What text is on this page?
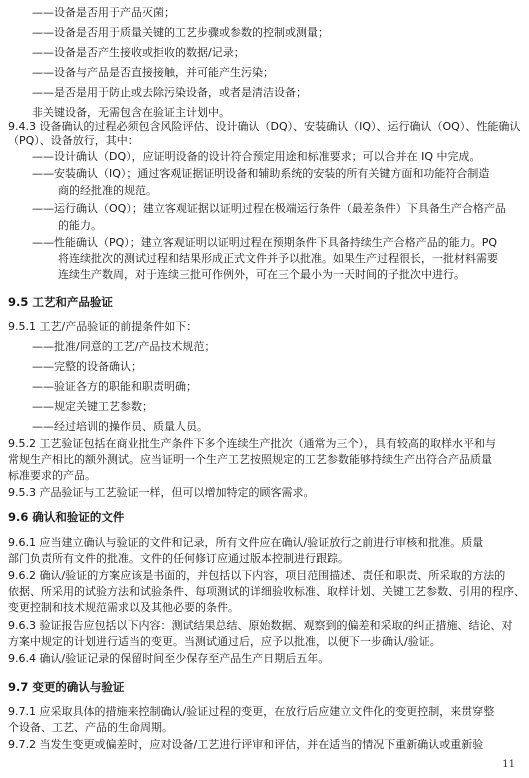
——设备是否用于产品灭菌；
——设备是否用于质量关键的工艺步骤或参数的控制或测量；
——设备是否产生接收或拒收的数据/记录；
——设备与产品是否直接接触，并可能产生污染；
——是否是用于防止或去除污染设备，或者是清洁设备；
非关键设备，无需包含在验证主计划中。
9.4.3 设备确认的过程必须包含风险评估、设计确认（DQ）、安装确认（IQ）、运行确认（OQ）、性能确认
（PQ）、设备放行，其中：
——设计确认（DQ），应证明设备的设计符合预定用途和标准要求；可以合并在 IQ 中完成。
——安装确认（IQ）；通过客观证据证明设备和辅助系统的安装的所有关键方面和功能符合制造
商的经批准的规范。
——运行确认（OQ）；建立客观证据以证明过程在极端运行条件（最差条件）下具备生产合格产品
的能力。
——性能确认（PQ）；建立客观证明以证明过程在预期条件下具备持续生产合格产品的能力。PQ
将连续批次的测试过程和结果形成正式文件并予以批准。如果生产过程很长，一批材料需要
连续生产数周，对于连续三批可作例外，可在三个最小为一天时间的子批次中进行。
9.5.1 工艺/产品验证的前提条件如下：
——批准/同意的工艺/产品技术规范；
——完整的设备确认；
——验证各方的职能和职责明确；
——规定关键工艺参数；
——经过培训的操作员、质量人员。
9.5.2 工艺验证包括在商业批生产条件下多个连续生产批次（通常为三个），具有较高的取样水平和与
常规生产相比的额外测试。应当证明一个生产工艺按照规定的工艺参数能够持续生产出符合产品质量
标准要求的产品。
9.5.3 产品验证与工艺验证一样，但可以增加特定的顾客需求。
9.6.1 应当建立确认与验证的文件和记录，所有文件应在确认/验证放行之前进行审核和批准。质量
部门负责所有文件的批准。文件的任何修订应通过版本控制进行跟踪。
9.6.2 确认/验证的方案应该是书面的，并包括以下内容，项目范围描述、责任和职责、所采取的方法的
依据、所采用的试验方法和试验条件、每项测试的详细验收标准、取样计划、关键工艺参数、引用的程序、
变更控制和技术规范需求以及其他必要的条件。
9.6.3 验证报告应包括以下内容：测试结果总结、原始数据、观察到的偏差和采取的纠正措施、结论、对
方案中规定的计划进行适当的变更。当测试通过后，应予以批准，以便下一步确认/验证。
9.6.4 确认/验证记录的保留时间至少保存至产品生产日期后五年。
9.7.1 应采取具体的措施来控制确认/验证过程的变更，在放行后应建立文件化的变更控制，来贯穿整
个设备、工艺、产品的生命周期。
9.7.2 当发生变更或偏差时，应对设备/工艺进行评审和评估，并在适当的情况下重新确认或重新验
9.5 工艺和产品验证
9.6 确认和验证的文件
9.7 变更的确认与验证
11
